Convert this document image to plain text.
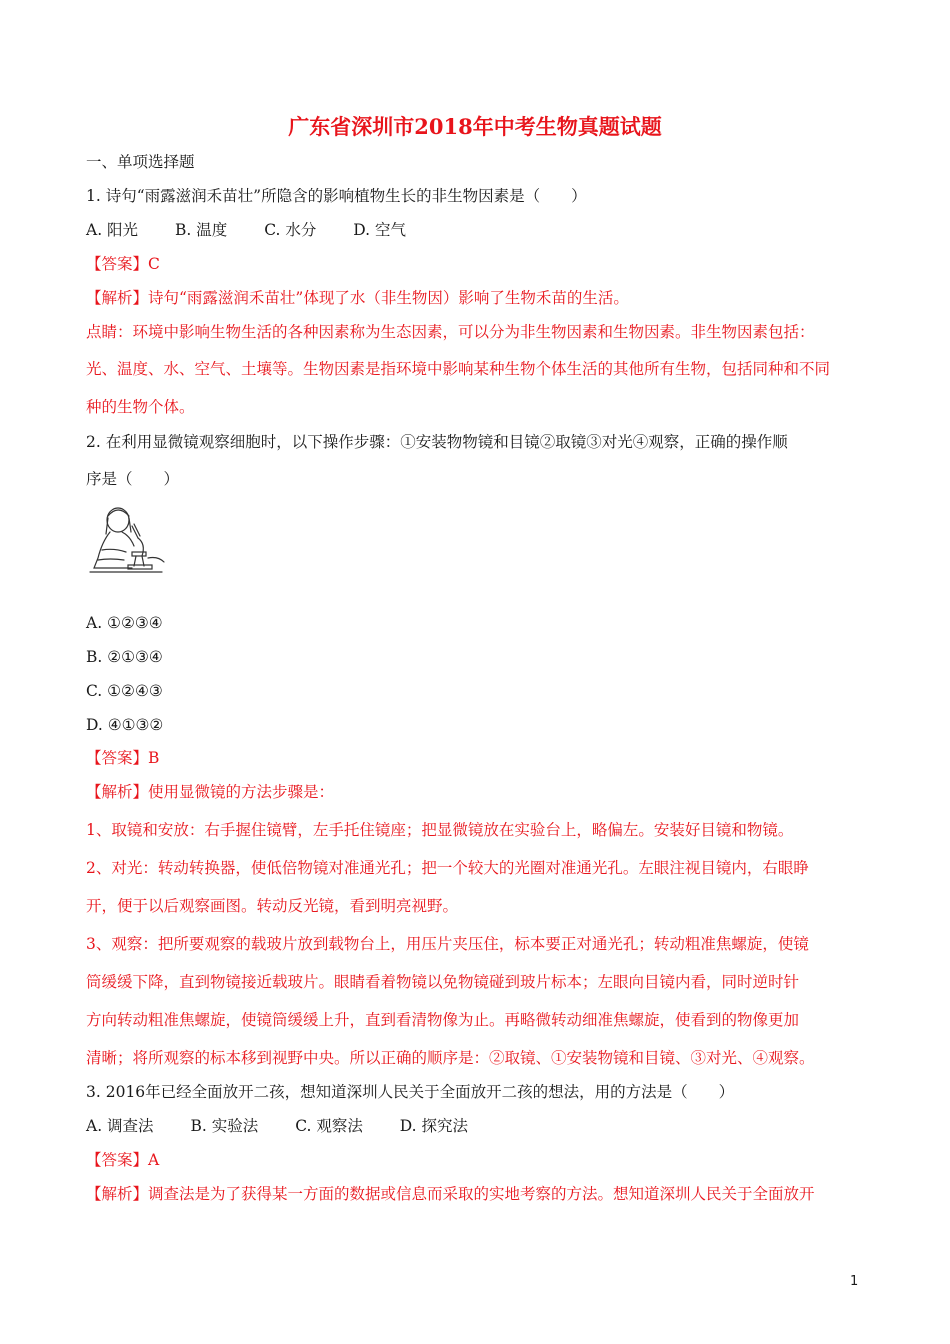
广东省深圳市2018年中考生物真题试题
一、单项选择题
1. 诗句“雨露滋润禾苗壮”所隐含的影响植物生长的非生物因素是（　　）
A. 阳光 B. 温度 C. 水分 D. 空气
【答案】C
【解析】诗句“雨露滋润禾苗壮”体现了水（非生物因）影响了生物禾苗的生活。
点睛：环境中影响生物生活的各种因素称为生态因素，可以分为非生物因素和生物因素。非生物因素包括：
光、温度、水、空气、土壤等。生物因素是指环境中影响某种生物个体生活的其他所有生物，包括同种和不同
种的生物个体。
2. 在利用显微镜观察细胞时，以下操作步骤：①安装物物镜和目镜②取镜③对光④观察，正确的操作顺
序是（　　）
A. ①②③④
B. ②①③④
C. ①②④③
D. ④①③②
【答案】B
【解析】使用显微镜的方法步骤是：
1、取镜和安放：右手握住镜臂，左手托住镜座；把显微镜放在实验台上，略偏左。安装好目镜和物镜。
2、对光：转动转换器，使低倍物镜对准通光孔；把一个较大的光圈对准通光孔。左眼注视目镜内，右眼睁
开，便于以后观察画图。转动反光镜，看到明亮视野。
3、观察：把所要观察的载玻片放到载物台上，用压片夹压住，标本要正对通光孔；转动粗准焦螺旋，使镜
筒缓缓下降，直到物镜接近载玻片。眼睛看着物镜以免物镜碰到玻片标本；左眼向目镜内看，同时逆时针
方向转动粗准焦螺旋，使镜筒缓缓上升，直到看清物像为止。再略微转动细准焦螺旋，使看到的物像更加
清晰；将所观察的标本移到视野中央。所以正确的顺序是：②取镜、①安装物镜和目镜、③对光、④观察。
3. 2016年已经全面放开二孩，想知道深圳人民关于全面放开二孩的想法，用的方法是（　　）
A. 调查法 B. 实验法 C. 观察法 D. 探究法
【答案】A
【解析】调查法是为了获得某一方面的数据或信息而采取的实地考察的方法。想知道深圳人民关于全面放开
1
